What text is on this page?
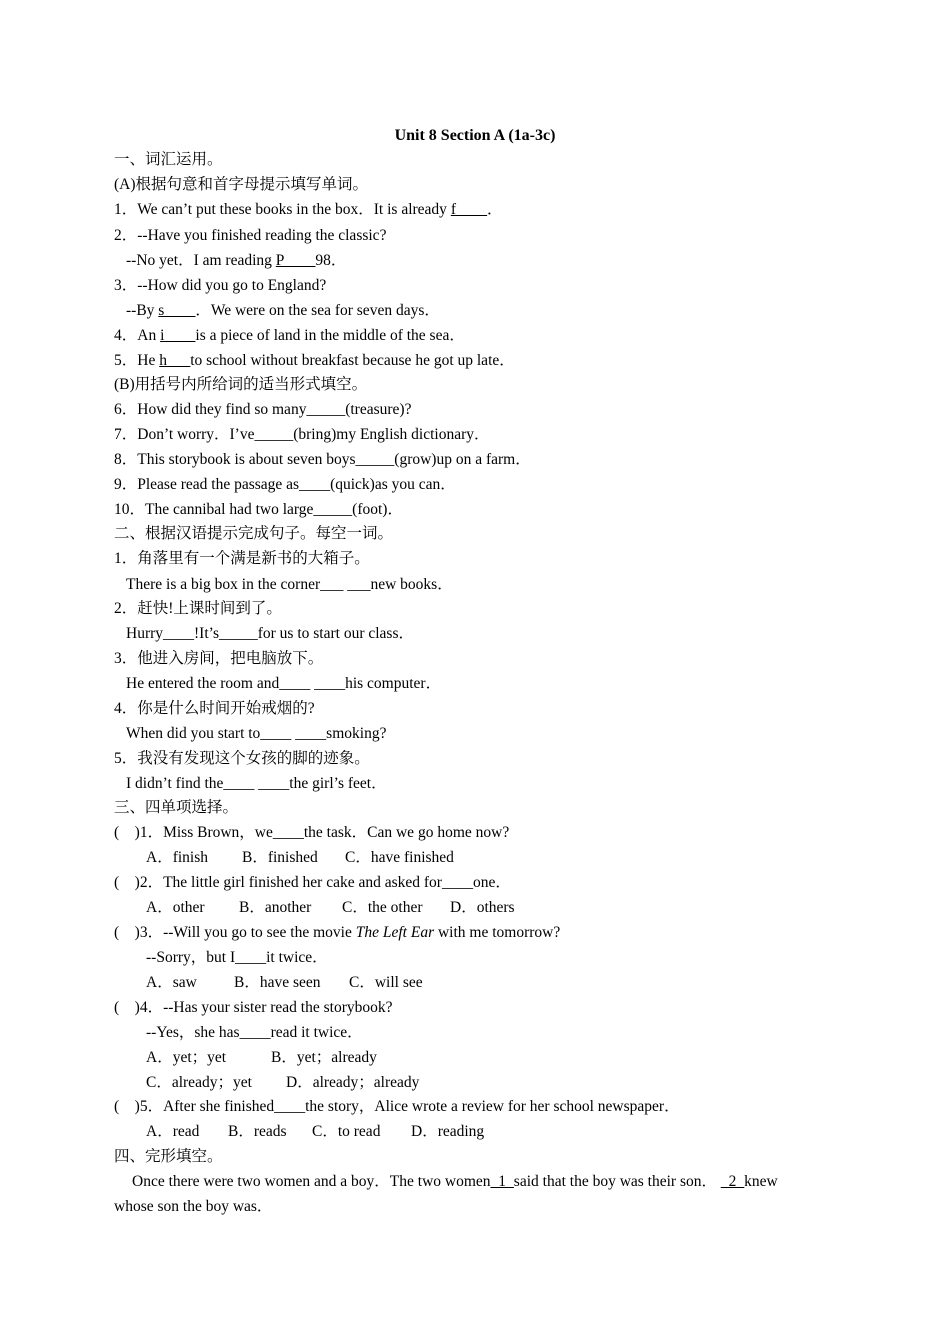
Unit 8 Section A (1a-3c)
一、词汇运用。
(A)根据句意和首字母提示填写单词。
1．We can’t put these books in the box．It is already f____．
2．--Have you finished reading the classic?
--No yet．I am reading P____98．
3．--How did you go to England?
--By s____．We were on the sea for seven days．
4．An i____is a piece of land in the middle of the sea．
5．He h___to school without breakfast because he got up late．
(B)用括号内所给词的适当形式填空。
6．How did they find so many_____(treasure)?
7．Don’t worry．I’ve_____(bring)my English dictionary．
8．This storybook is about seven boys_____(grow)up on a farm．
9．Please read the passage as____(quick)as you can．
10．The cannibal had two large_____(foot)．
二、根据汉语提示完成句子。每空一词。
1．角落里有一个满是新书的大箱子。
There is a big box in the corner___ ___new books．
2．赶快!上课时间到了。
Hurry____!It’s_____for us to start our class．
3．他进入房间，把电脑放下。
He entered the room and____ ____his computer．
4．你是什么时间开始戒烟的?
When did you start to____ ____smoking?
5．我没有发现这个女孩的脚的迹象。
I didn’t find the____ ____the girl’s feet．
三、四单项选择。
(    )1．Miss Brown，we____the task．Can we go home now?
A．finish B．finished C．have finished
(    )2．The little girl finished her cake and asked for____one．
A．other B．another C．the other D．others
(    )3．--Will you go to see the movie The Left Ear with me tomorrow?
--Sorry，but I____it twice．
A．saw B．have seen C．will see
(    )4．--Has your sister read the storybook?
--Yes，she has____read it twice．
A．yet；yet	B．yet；already
C．already；yet D．already；already
(    )5．After she finished____the story，Alice wrote a review for her school newspaper．
A．read B．reads C．to read D．reading
四、完形填空。
Once there were two women and a boy．The two women_1_said that the boy was their son． _2_knew
whose son the boy was．
